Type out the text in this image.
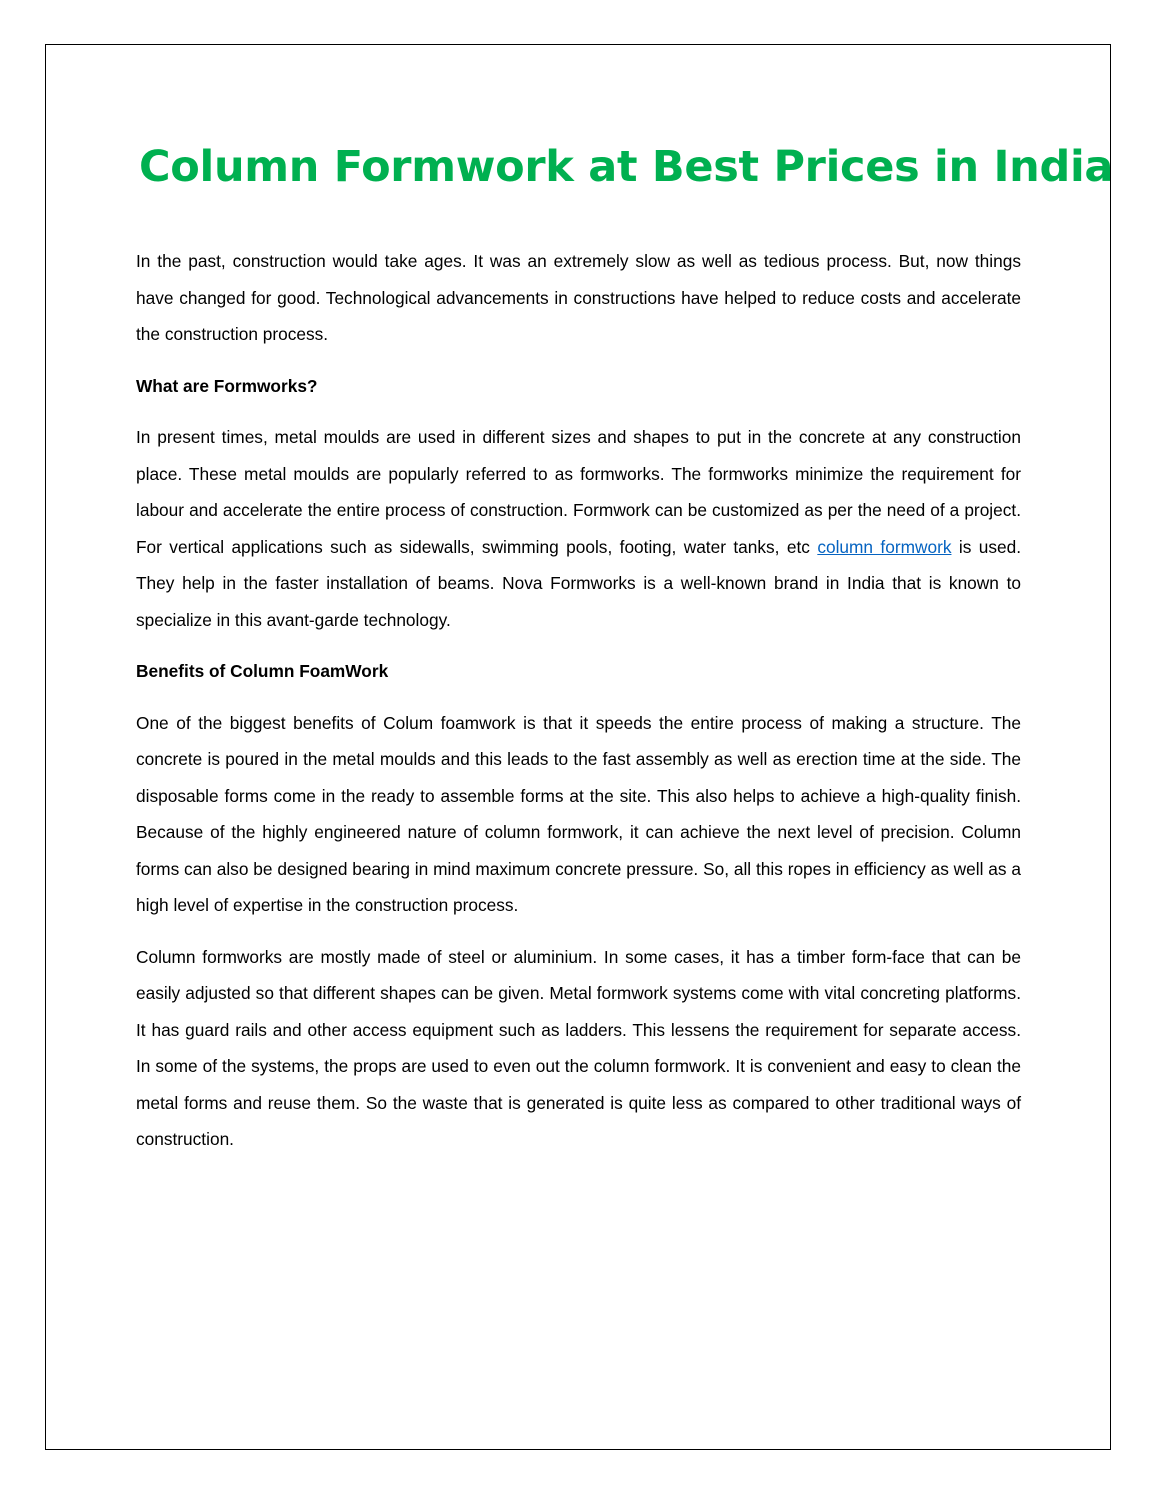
Column Formwork at Best Prices in India

In the past, construction would take ages. It was an extremely slow as well as tedious process. But, now things have changed for good. Technological advancements in constructions have helped to reduce costs and accelerate the construction process.

What are Formworks?

In present times, metal moulds are used in different sizes and shapes to put in the concrete at any construction place. These metal moulds are popularly referred to as formworks. The formworks minimize the requirement for labour and accelerate the entire process of construction. Formwork can be customized as per the need of a project. For vertical applications such as sidewalls, swimming pools, footing, water tanks, etc column formwork is used. They help in the faster installation of beams. Nova Formworks is a well-known brand in India that is known to specialize in this avant-garde technology.

Benefits of Column FoamWork

One of the biggest benefits of Colum foamwork is that it speeds the entire process of making a structure. The concrete is poured in the metal moulds and this leads to the fast assembly as well as erection time at the side. The disposable forms come in the ready to assemble forms at the site. This also helps to achieve a high-quality finish. Because of the highly engineered nature of column formwork, it can achieve the next level of precision. Column forms can also be designed bearing in mind maximum concrete pressure. So, all this ropes in efficiency as well as a high level of expertise in the construction process.

Column formworks are mostly made of steel or aluminium. In some cases, it has a timber form-face that can be easily adjusted so that different shapes can be given. Metal formwork systems come with vital concreting platforms. It has guard rails and other access equipment such as ladders. This lessens the requirement for separate access. In some of the systems, the props are used to even out the column formwork. It is convenient and easy to clean the metal forms and reuse them. So the waste that is generated is quite less as compared to other traditional ways of construction.
